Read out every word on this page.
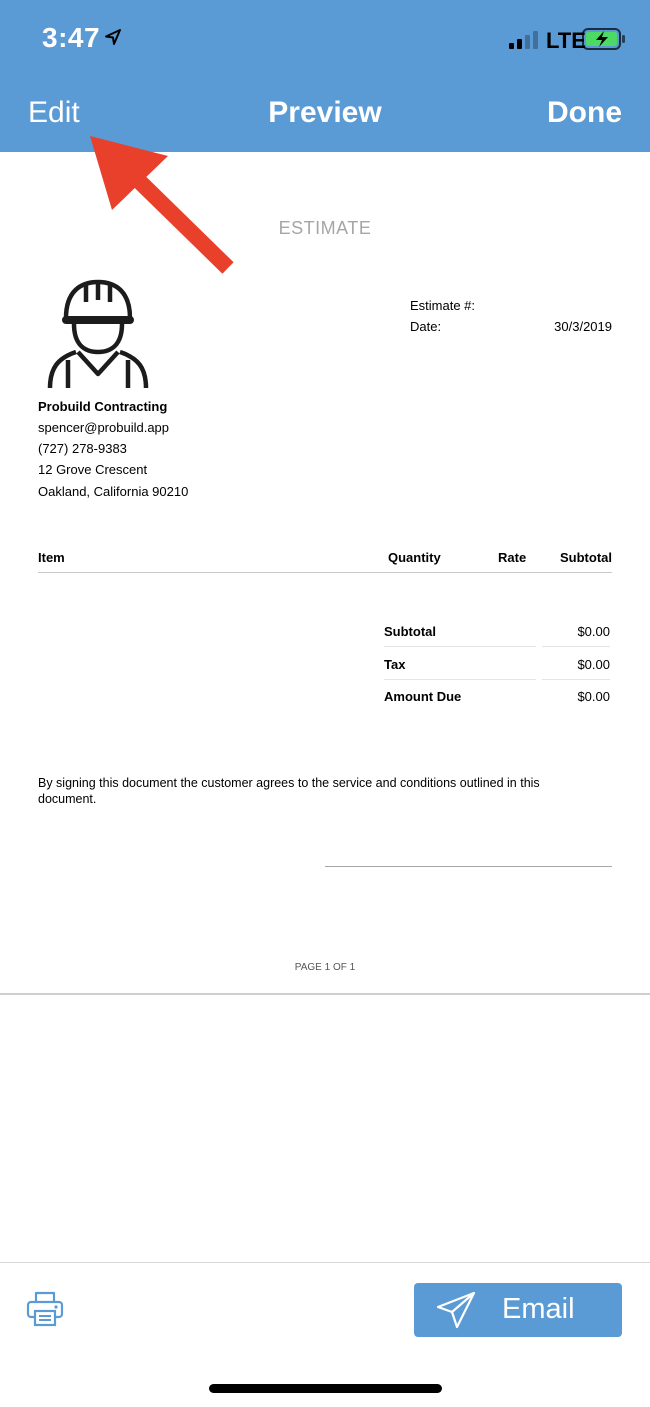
3:47	LTE
Edit	Preview	Done
ESTIMATE
Estimate #:
Date:	30/3/2019
Probuild Contracting
spencer@probuild.app
(727) 278-9383
12 Grove Crescent
Oakland, California 90210
Item	Quantity	Rate	Subtotal
Subtotal	$0.00
Tax	$0.00
Amount Due	$0.00
By signing this document the customer agrees to the service and conditions outlined in this document.
PAGE 1 OF 1
Email
